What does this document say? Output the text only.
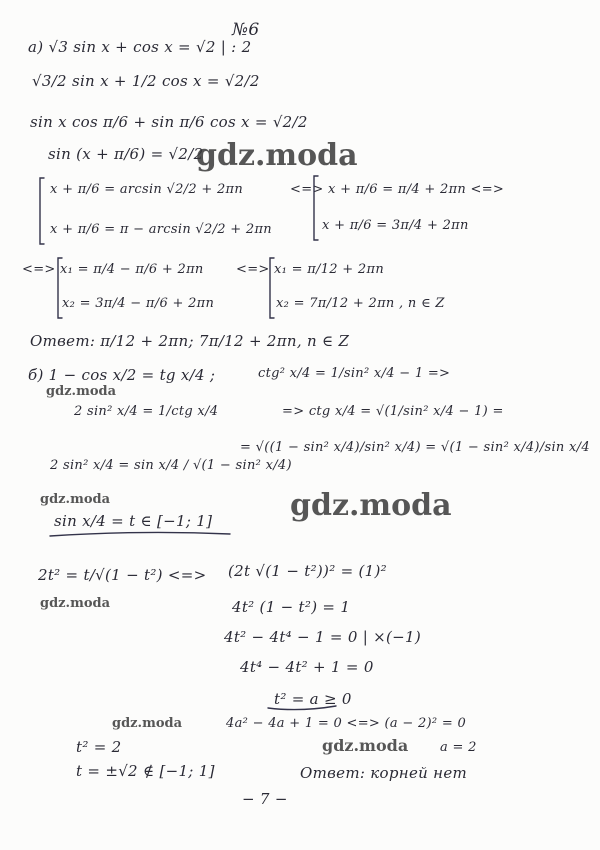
№6
а) √3 sin x + cos x = √2 | : 2
√3/2 sin x + 1/2 cos x = √2/2
sin x cos π/6 + sin π/6 cos x = √2/2
sin (x + π/6) = √2/2
x + π/6 = arcsin √2/2 + 2πn
x + π/6 = π − arcsin √2/2 + 2πn
<=> x + π/6 = π/4 + 2πn <=>
x + π/6 = 3π/4 + 2πn
<=> x₁ = π/4 − π/6 + 2πn
x₂ = 3π/4 − π/6 + 2πn
<=> x₁ = π/12 + 2πn
x₂ = 7π/12 + 2πn , n ∈ Z
Ответ: π/12 + 2πn; 7π/12 + 2πn, n ∈ Z
б) 1 − cos x/2 = tg x/4 ;	ctg² x/4 = 1/sin² x/4 − 1 =>
2 sin² x/4 = 1/ctg x/4	=> ctg x/4 = √(1/sin² x/4 − 1) =
2 sin² x/4 = sin x/4 / √(1 − sin² x/4)
= √((1 − sin² x/4)/sin² x/4) = √(1 − sin² x/4)/sin x/4
sin x/4 = t ∈ [−1; 1]
2t² = t/√(1 − t²) <=> (2t √(1 − t²))² = (1)²
4t² (1 − t²) = 1
4t² − 4t⁴ − 1 = 0 | ×(−1)
4t⁴ − 4t² + 1 = 0
t² = a ≥ 0
4a² − 4a + 1 = 0 <=> (a − 2)² = 0
a = 2
t² = 2
t = ±√2 ∉ [−1; 1]	Ответ: корней нет
− 7 −
gdz.moda
gdz.moda
gdz.moda	gdz.moda
gdz.moda
gdz.moda
gdz.moda
